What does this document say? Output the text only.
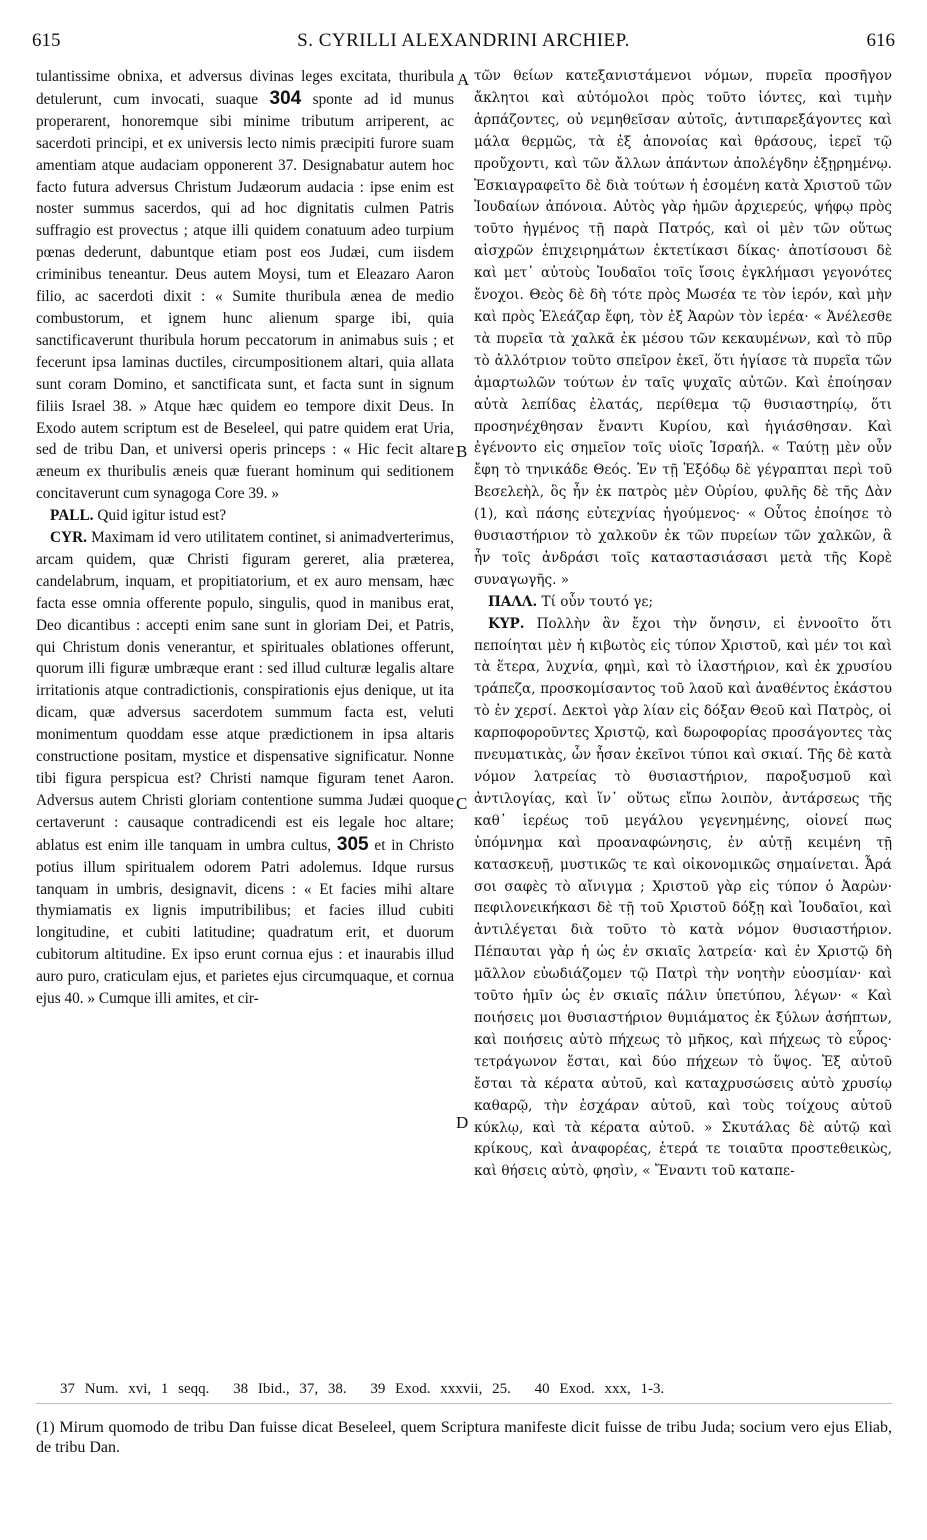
615	S. CYRILLI ALEXANDRINI ARCHIEP.	616

tulantissime obnixa, et adversus divinas leges excitata, thuribula detulerunt, cum invocati, suaque 304 sponte ad id munus properarent, honoremque sibi minime tributum arriperent, ac sacerdoti principi, et ex universis lecto nimis præcipiti furore suam amentiam atque audaciam opponerent 37. Designabatur autem hoc facto futura adversus Christum Judæorum audacia : ipse enim est noster summus sacerdos, qui ad hoc dignitatis culmen Patris suffragio est provectus ; atque illi quidem conatuum adeo turpium pœnas dederunt, dabuntque etiam post eos Judæi, cum iisdem criminibus teneantur. Deus autem Moysi, tum et Eleazaro Aaron filio, ac sacerdoti dixit : « Sumite thuribula ænea de medio combustorum, et ignem hunc alienum sparge ibi, quia sanctificaverunt thuribula horum peccatorum in animabus suis ; et fecerunt ipsa laminas ductiles, circumpositionem altari, quia allata sunt coram Domino, et sanctificata sunt, et facta sunt in signum filiis Israel 38. » Atque hæc quidem eo tempore dixit Deus. In Exodo autem scriptum est de Beseleel, qui patre quidem erat Uria, sed de tribu Dan, et universi operis princeps : « Hic fecit altare æneum ex thuribulis æneis quæ fuerant hominum qui seditionem concitaverunt cum synagoga Core 39. »

PALL. Quid igitur istud est?

CYR. Maximam id vero utilitatem continet, si animadverterimus, arcam quidem, quæ Christi figuram gereret, alia præterea, candelabrum, inquam, et propitiatorium, et ex auro mensam, hæc facta esse omnia offerente populo, singulis, quod in manibus erat, Deo dicantibus : accepti enim sane sunt in gloriam Dei, et Patris, qui Christum donis venerantur, et spirituales oblationes offerunt, quorum illi figuræ umbræque erant : sed illud culturæ legalis altare irritationis atque contradictionis, conspirationis ejus denique, ut ita dicam, quæ adversus sacerdotem summum facta est, veluti monimentum quoddam esse atque prædictionem in ipsa altaris constructione positam, mystice et dispensative significatur. Nonne tibi figura perspicua est? Christi namque figuram tenet Aaron. Adversus autem Christi gloriam contentione summa Judæi quoque certaverunt : causaque contradicendi est eis legale hoc altare; ablatus est enim ille tanquam in umbra cultus, 305 et in Christo potius illum spiritualem odorem Patri adolemus. Idque rursus tanquam in umbris, designavit, dicens : « Et facies mihi altare thymiamatis ex lignis imputribilibus; et facies illud cubiti longitudine, et cubiti latitudine; quadratum erit, et duorum cubitorum altitudine. Ex ipso erunt cornua ejus : et inaurabis illud auro puro, craticulam ejus, et parietes ejus circumquaque, et cornua ejus 40. » Cumque illi amites, et cir-

A
B
C
D

τῶν θείων κατεξανιστάμενοι νόμων, πυρεῖα προσῆγον ἄκλητοι καὶ αὐτόμολοι πρὸς τοῦτο ἰόντες, καὶ τιμὴν ἁρπάζοντες, οὐ νεμηθεῖσαν αὐτοῖς, ἀντιπαρεξάγοντες καὶ μάλα θερμῶς, τὰ ἐξ ἀπονοίας καὶ θράσους, ἱερεῖ τῷ προὔχοντι, καὶ τῶν ἄλλων ἁπάντων ἀπολέγδην ἐξῃρημένῳ. Ἐσκιαγραφεῖτο δὲ διὰ τούτων ἡ ἐσομένη κατὰ Χριστοῦ τῶν Ἰουδαίων ἀπόνοια. Αὐτὸς γὰρ ἡμῶν ἀρχιερεύς, ψήφῳ πρὸς τοῦτο ἡγμένος τῇ παρὰ Πατρός, καὶ οἱ μὲν τῶν οὕτως αἰσχρῶν ἐπιχειρημάτων ἐκτετίκασι δίκας· ἀποτίσουσι δὲ καὶ μετ᾽ αὐτοὺς Ἰουδαῖοι τοῖς ἴσοις ἐγκλήμασι γεγονότες ἔνοχοι. Θεὸς δὲ δὴ τότε πρὸς Μωσέα τε τὸν ἱερόν, καὶ μὴν καὶ πρὸς Ἐλεάζαρ ἔφη, τὸν ἐξ Ἀαρὼν τὸν ἱερέα· « Ἀνέλεσθε τὰ πυρεῖα τὰ χαλκᾶ ἐκ μέσου τῶν κεκαυμένων, καὶ τὸ πῦρ τὸ ἀλλότριον τοῦτο σπεῖρον ἐκεῖ, ὅτι ἡγίασε τὰ πυρεῖα τῶν ἁμαρτωλῶν τούτων ἐν ταῖς ψυχαῖς αὐτῶν. Καὶ ἐποίησαν αὐτὰ λεπίδας ἐλατάς, περίθεμα τῷ θυσιαστηρίῳ, ὅτι προσηνέχθησαν ἔναντι Κυρίου, καὶ ἡγιάσθησαν. Καὶ ἐγένοντο εἰς σημεῖον τοῖς υἱοῖς Ἰσραήλ. « Ταύτῃ μὲν οὖν ἔφη τὸ τηνικάδε Θεός. Ἐν τῇ Ἐξόδῳ δὲ γέγραπται περὶ τοῦ Βεσελεὴλ, ὃς ἦν ἐκ πατρὸς μὲν Οὐρίου, φυλῆς δὲ τῆς Δὰν (1), καὶ πάσης εὐτεχνίας ἡγούμενος· « Οὗτος ἐποίησε τὸ θυσιαστήριον τὸ χαλκοῦν ἐκ τῶν πυρείων τῶν χαλκῶν, ἃ ἦν τοῖς ἀνδράσι τοῖς καταστασιάσασι μετὰ τῆς Κορὲ συναγωγῆς. »

ΠΑΛΛ. Τί οὖν τουτό γε;

ΚΥΡ. Πολλὴν ἂν ἔχοι τὴν ὄνησιν, εἰ ἐννοοῖτο ὅτι πεποίηται μὲν ἡ κιβωτὸς εἰς τύπον Χριστοῦ, καὶ μέν τοι καὶ τὰ ἕτερα, λυχνία, φημὶ, καὶ τὸ ἱλαστήριον, καὶ ἐκ χρυσίου τράπεζα, προσκομίσαντος τοῦ λαοῦ καὶ ἀναθέντος ἑκάστου τὸ ἐν χερσί. Δεκτοὶ γὰρ λίαν εἰς δόξαν Θεοῦ καὶ Πατρὸς, οἱ καρποφοροῦντες Χριστῷ, καὶ δωροφορίας προσάγοντες τὰς πνευματικὰς, ὧν ἦσαν ἐκεῖνοι τύποι καὶ σκιαί. Τῆς δὲ κατὰ νόμον λατρείας τὸ θυσιαστήριον, παροξυσμοῦ καὶ ἀντιλογίας, καὶ ἵν᾽ οὕτως εἴπω λοιπὸν, ἀντάρσεως τῆς καθ᾽ ἱερέως τοῦ μεγάλου γεγενημένης, οἱονεί πως ὑπόμνημα καὶ προαναφώνησις, ἐν αὐτῇ κειμένη τῇ κατασκευῇ, μυστικῶς τε καὶ οἰκονομικῶς σημαίνεται. Ἆρά σοι σαφὲς τὸ αἴνιγμα ; Χριστοῦ γὰρ εἰς τύπον ὁ Ἀαρὼν· πεφιλονεικήκασι δὲ τῇ τοῦ Χριστοῦ δόξῃ καὶ Ἰουδαῖοι, καὶ ἀντιλέγεται διὰ τοῦτο τὸ κατὰ νόμον θυσιαστήριον. Πέπαυται γὰρ ἡ ὡς ἐν σκιαῖς λατρεία· καὶ ἐν Χριστῷ δὴ μᾶλλον εὐωδιάζομεν τῷ Πατρὶ τὴν νοητὴν εὐοσμίαν· καὶ τοῦτο ἡμῖν ὡς ἐν σκιαῖς πάλιν ὑπετύπου, λέγων· « Καὶ ποιήσεις μοι θυσιαστήριον θυμιάματος ἐκ ξύλων ἀσήπτων, καὶ ποιήσεις αὐτὸ πήχεως τὸ μῆκος, καὶ πήχεως τὸ εὖρος· τετράγωνον ἔσται, καὶ δύο πήχεων τὸ ὕψος. Ἐξ αὐτοῦ ἔσται τὰ κέρατα αὐτοῦ, καὶ καταχρυσώσεις αὐτὸ χρυσίῳ καθαρῷ, τὴν ἐσχάραν αὐτοῦ, καὶ τοὺς τοίχους αὐτοῦ κύκλῳ, καὶ τὰ κέρατα αὐτοῦ. » Σκυτάλας δὲ αὐτῷ καὶ κρίκους, καὶ ἀναφορέας, ἑτερά τε τοιαῦτα προστεθεικὼς, καὶ θήσεις αὐτὸ, φησὶν, « Ἔναντι τοῦ καταπε-

37 Num. xvi, 1 seqq. 38 Ibid., 37, 38. 39 Exod. xxxvii, 25. 40 Exod. xxx, 1-3.
(1) Mirum quomodo de tribu Dan fuisse dicat Beseleel, quem Scriptura manifeste dicit fuisse de tribu Juda; socium vero ejus Eliab, de tribu Dan.
